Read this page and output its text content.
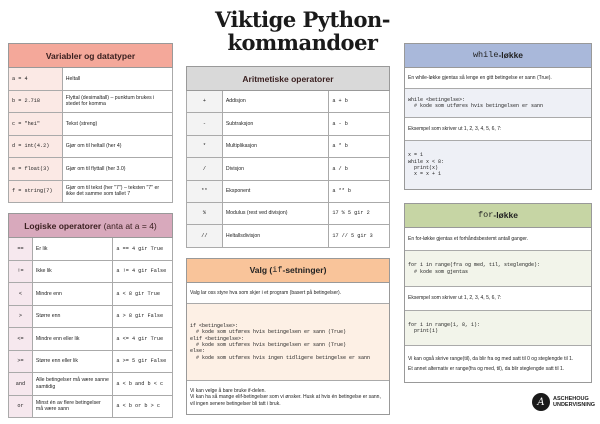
Viktige Python-kommandoer
Variabler og datatyper	
a = 4	Heltall
b = 2.718	Flyttal (desimaltall) – punktum brukes i stedet for komma
c = "hei"	Tekst (streng)
d = int(4.2)	Gjør om til heltall (her 4)
e = float(3)	Gjør om til flyttall (her 3.0)
f = string(7)	Gjør om til tekst (her "7") – teksten "7" er ikke det samme som tallet 7
Logiske operatorer (anta at a = 4)		
==	Er lik	a == 4 gir True
!=	Ikke lik	a != 4 gir False
<	Mindre enn	a < 8 gir True
>	Større enn	a > 8 gir False
<=	Mindre enn eller lik	a <= 4 gir True
>=	Større enn eller lik	a >= 5 gir False
and	Alle betingelser må være sanne samtidig	a < b and b < c
or	Minst én av flere betingelser må være sann	a < b or b > c
Aritmetiske operatorer		
+	Addisjon	a + b
-	Subtraksjon	a - b
*	Multiplikasjon	a * b
/	Divisjon	a / b
**	Eksponent	a ** b
%	Modulus (rest ved divisjon)	17 % 5 gir 2
//	Heltallsdivisjon	17 // 5 gir 3
Valg ( if -setninger)
Valg lar oss styre hva som skjer i et program (basert på betingelser).
if <betingelse>:
# kode som utføres hvis betingelsen er sann (True)
elif <betingelse>:
# kode som utføres hvis betingelsen er sann (True)
else:
# kode som utføres hvis ingen tidligere betingelse er sann
Vi kan velge å bare bruke if-delen.
Vi kan ha så mange elif-betingelser som vi ønsker. Husk at hvis én betingelse er sann, vil ingen senere betingelser bli tatt i bruk.
while -løkke
En while-løkke gjentas så lenge en gitt betingelse er sann (True).
while <betingelse>:
# kode som utføres hvis betingelsen er sann
Eksempel som skriver ut 1, 2, 3, 4, 5, 6, 7:
x = 1
while x < 8:
print(x)
x = x + 1
for -løkke
En for-løkke gjentas et forhåndsbestemt antall ganger.
for i in range(fra og med, til, steglengde):
# kode som gjentas
Eksempel som skriver ut 1, 2, 3, 4, 5, 6, 7:
for i in range(1, 8, 1):
print(i)
Vi kan også skrive range(til), da blir fra og med satt til 0 og steglengde til 1.
Et annet alternativ er range(fra og med, til), da blir steglengde satt til 1.
A	ASCHEHOUG
UNDERVISNING
